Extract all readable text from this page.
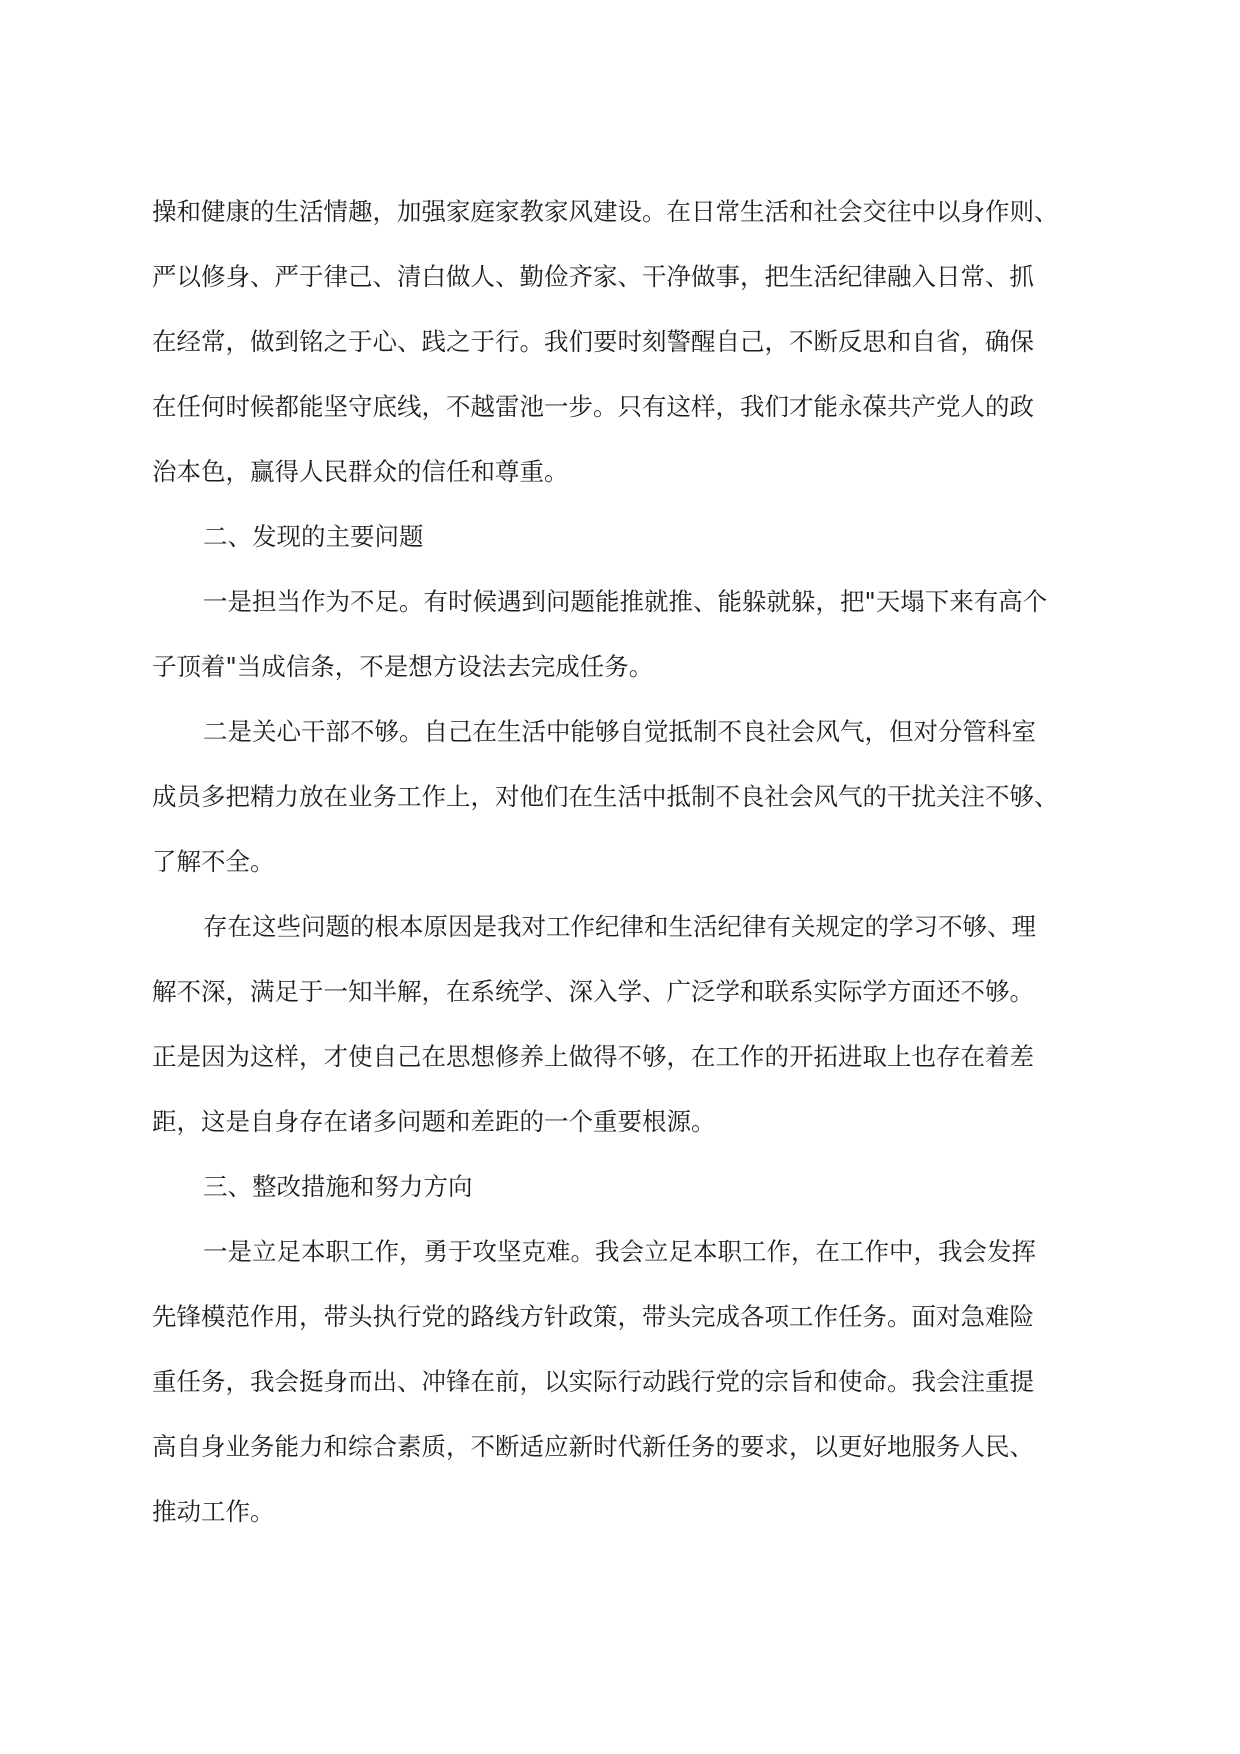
操和健康的生活情趣，加强家庭家教家风建设。在日常生活和社会交往中以身作则、
严以修身、严于律己、清白做人、勤俭齐家、干净做事，把生活纪律融入日常、抓
在经常，做到铭之于心、践之于行。我们要时刻警醒自己，不断反思和自省，确保
在任何时候都能坚守底线，不越雷池一步。只有这样，我们才能永葆共产党人的政
治本色，赢得人民群众的信任和尊重。
二、发现的主要问题
一是担当作为不足。有时候遇到问题能推就推、能躲就躲，把"天塌下来有高个
子顶着"当成信条，不是想方设法去完成任务。
二是关心干部不够。自己在生活中能够自觉抵制不良社会风气，但对分管科室
成员多把精力放在业务工作上，对他们在生活中抵制不良社会风气的干扰关注不够、
了解不全。
存在这些问题的根本原因是我对工作纪律和生活纪律有关规定的学习不够、理
解不深，满足于一知半解，在系统学、深入学、广泛学和联系实际学方面还不够。
正是因为这样，才使自己在思想修养上做得不够，在工作的开拓进取上也存在着差
距，这是自身存在诸多问题和差距的一个重要根源。
三、整改措施和努力方向
一是立足本职工作，勇于攻坚克难。我会立足本职工作，在工作中，我会发挥
先锋模范作用，带头执行党的路线方针政策，带头完成各项工作任务。面对急难险
重任务，我会挺身而出、冲锋在前，以实际行动践行党的宗旨和使命。我会注重提
高自身业务能力和综合素质，不断适应新时代新任务的要求，以更好地服务人民、
推动工作。
